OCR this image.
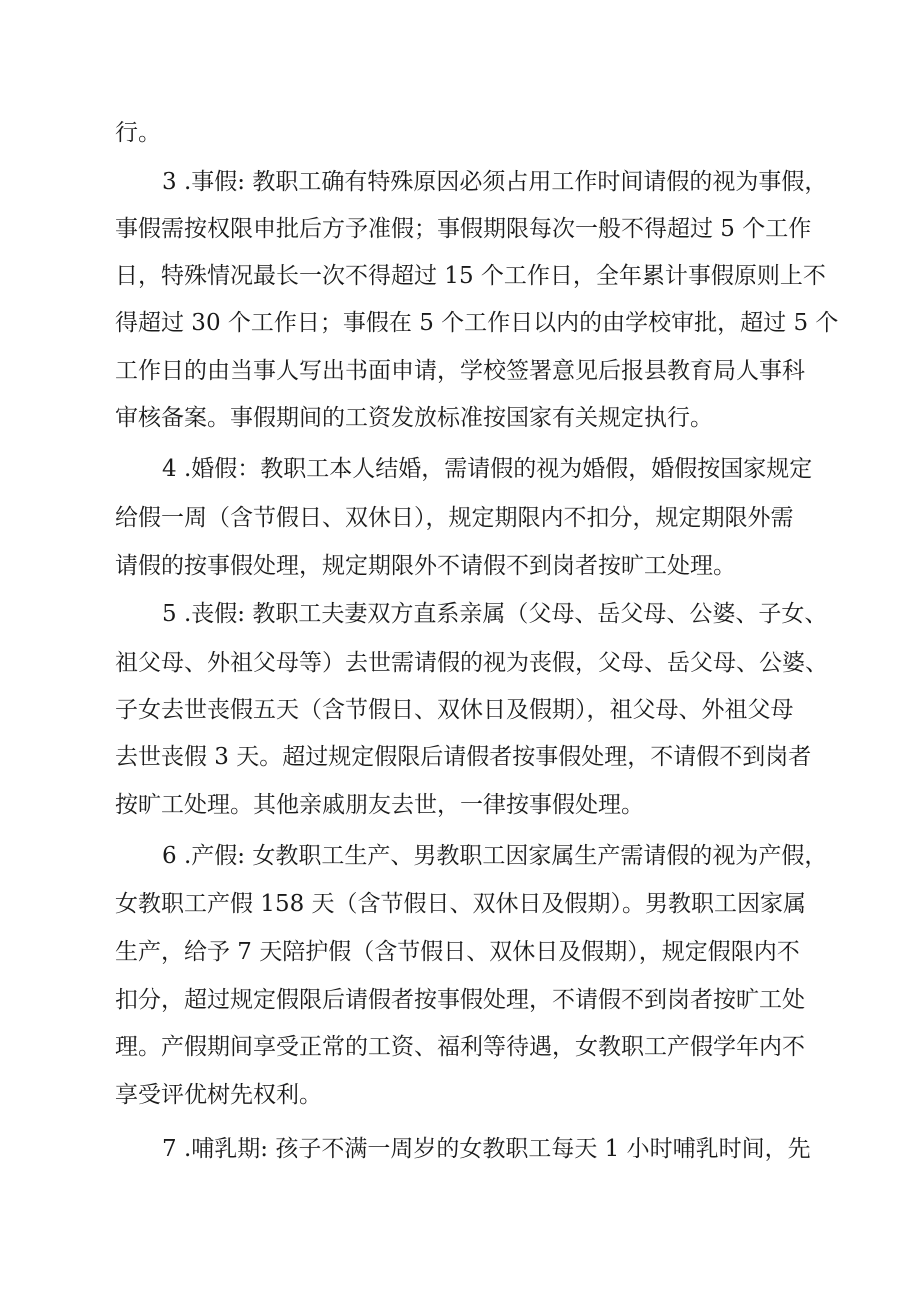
行。
3 .事假: 教职工确有特殊原因必须占用工作时间请假的视为事假，
事假需按权限申批后方予准假；事假期限每次一般不得超过 5 个工作
日，特殊情况最长一次不得超过 15 个工作日，全年累计事假原则上不
得超过 30 个工作日；事假在 5 个工作日以内的由学校审批，超过 5 个
工作日的由当事人写出书面申请，学校签署意见后报县教育局人事科
审核备案。事假期间的工资发放标准按国家有关规定执行。
4 .婚假：教职工本人结婚，需请假的视为婚假，婚假按国家规定
给假一周（含节假日、双休日），规定期限内不扣分，规定期限外需
请假的按事假处理，规定期限外不请假不到岗者按旷工处理。
5 .丧假: 教职工夫妻双方直系亲属（父母、岳父母、公婆、子女、
祖父母、外祖父母等）去世需请假的视为丧假，父母、岳父母、公婆、
子女去世丧假五天（含节假日、双休日及假期），祖父母、外祖父母
去世丧假 3 天。超过规定假限后请假者按事假处理，不请假不到岗者
按旷工处理。其他亲戚朋友去世，一律按事假处理。
6 .产假: 女教职工生产、男教职工因家属生产需请假的视为产假，
女教职工产假 158 天（含节假日、双休日及假期）。男教职工因家属
生产，给予 7 天陪护假（含节假日、双休日及假期），规定假限内不
扣分，超过规定假限后请假者按事假处理，不请假不到岗者按旷工处
理。产假期间享受正常的工资、福利等待遇，女教职工产假学年内不
享受评优树先权利。
7 .哺乳期: 孩子不满一周岁的女教职工每天 1 小时哺乳时间，先
